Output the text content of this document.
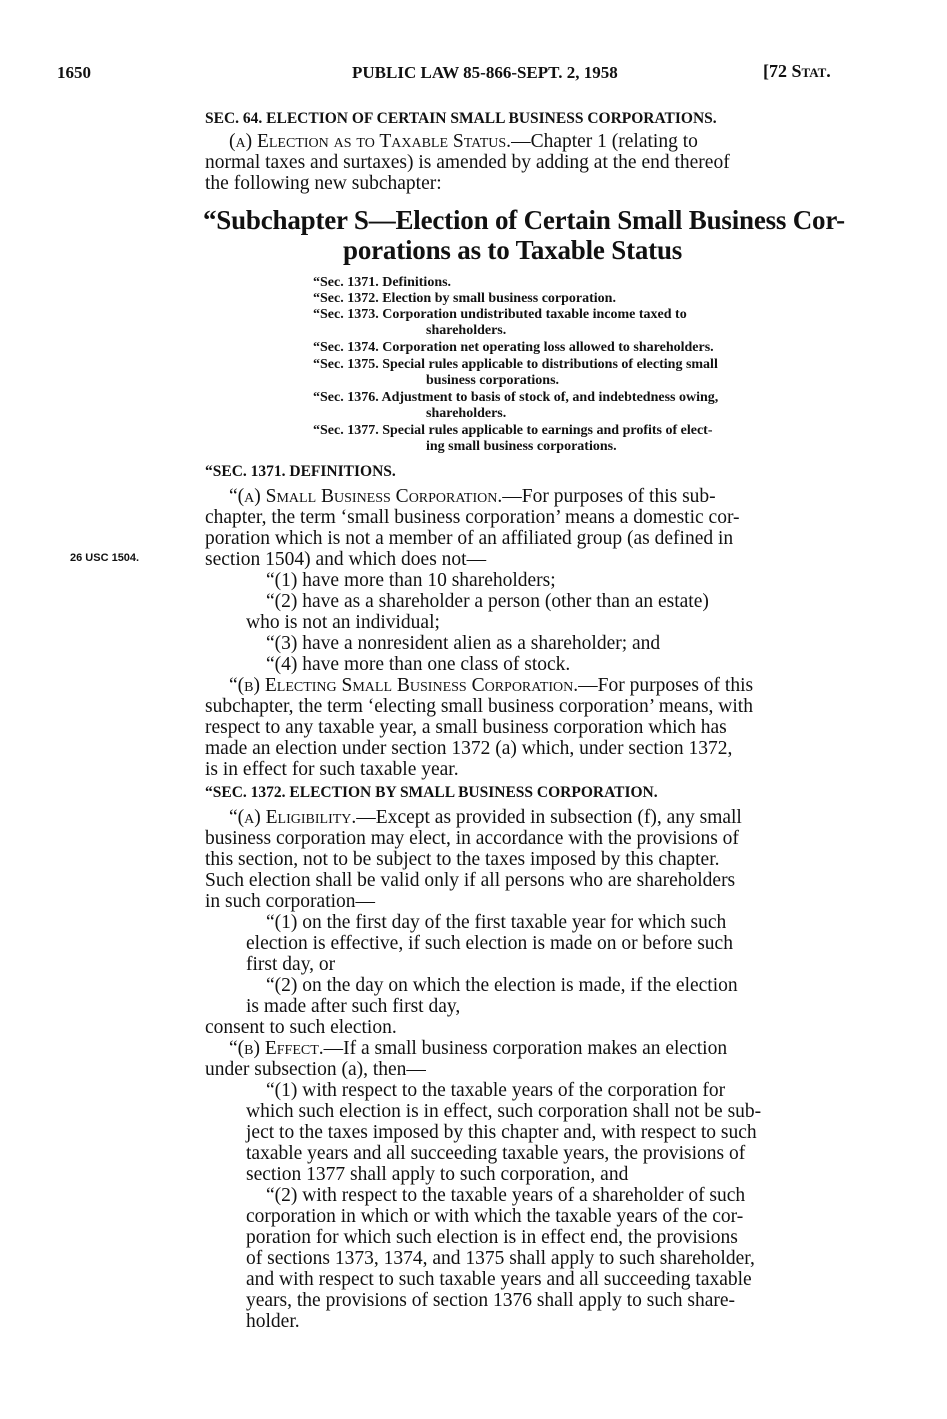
1650	PUBLIC LAW 85-866-SEPT. 2, 1958	[72 Stat.
SEC. 64. ELECTION OF CERTAIN SMALL BUSINESS CORPORATIONS.
(a) Election as to Taxable Status.—Chapter 1 (relating to
normal taxes and surtaxes) is amended by adding at the end thereof
the following new subchapter:
“Subchapter S—Election of Certain Small Business Cor-
porations as to Taxable Status
“Sec. 1371. Definitions.
“Sec. 1372. Election by small business corporation.
“Sec. 1373. Corporation undistributed taxable income taxed to
shareholders.
“Sec. 1374. Corporation net operating loss allowed to shareholders.
“Sec. 1375. Special rules applicable to distributions of electing small
business corporations.
“Sec. 1376. Adjustment to basis of stock of, and indebtedness owing,
shareholders.
“Sec. 1377. Special rules applicable to earnings and profits of elect-
ing small business corporations.
“SEC. 1371. DEFINITIONS.
“(a) Small Business Corporation.—For purposes of this sub-
chapter, the term ‘small business corporation’ means a domestic cor-
poration which is not a member of an affiliated group (as defined in
26 USC 1504.	section 1504) and which does not—
“(1) have more than 10 shareholders;
“(2) have as a shareholder a person (other than an estate)
who is not an individual;
“(3) have a nonresident alien as a shareholder; and
“(4) have more than one class of stock.
“(b) Electing Small Business Corporation.—For purposes of this
subchapter, the term ‘electing small business corporation’ means, with
respect to any taxable year, a small business corporation which has
made an election under section 1372 (a) which, under section 1372,
is in effect for such taxable year.
“SEC. 1372. ELECTION BY SMALL BUSINESS CORPORATION.
“(a) Eligibility.—Except as provided in subsection (f), any small
business corporation may elect, in accordance with the provisions of
this section, not to be subject to the taxes imposed by this chapter.
Such election shall be valid only if all persons who are shareholders
in such corporation—
“(1) on the first day of the first taxable year for which such
election is effective, if such election is made on or before such
first day, or
“(2) on the day on which the election is made, if the election
is made after such first day,
consent to such election.
“(b) Effect.—If a small business corporation makes an election
under subsection (a), then—
“(1) with respect to the taxable years of the corporation for
which such election is in effect, such corporation shall not be sub-
ject to the taxes imposed by this chapter and, with respect to such
taxable years and all succeeding taxable years, the provisions of
section 1377 shall apply to such corporation, and
“(2) with respect to the taxable years of a shareholder of such
corporation in which or with which the taxable years of the cor-
poration for which such election is in effect end, the provisions
of sections 1373, 1374, and 1375 shall apply to such shareholder,
and with respect to such taxable years and all succeeding taxable
years, the provisions of section 1376 shall apply to such share-
holder.
